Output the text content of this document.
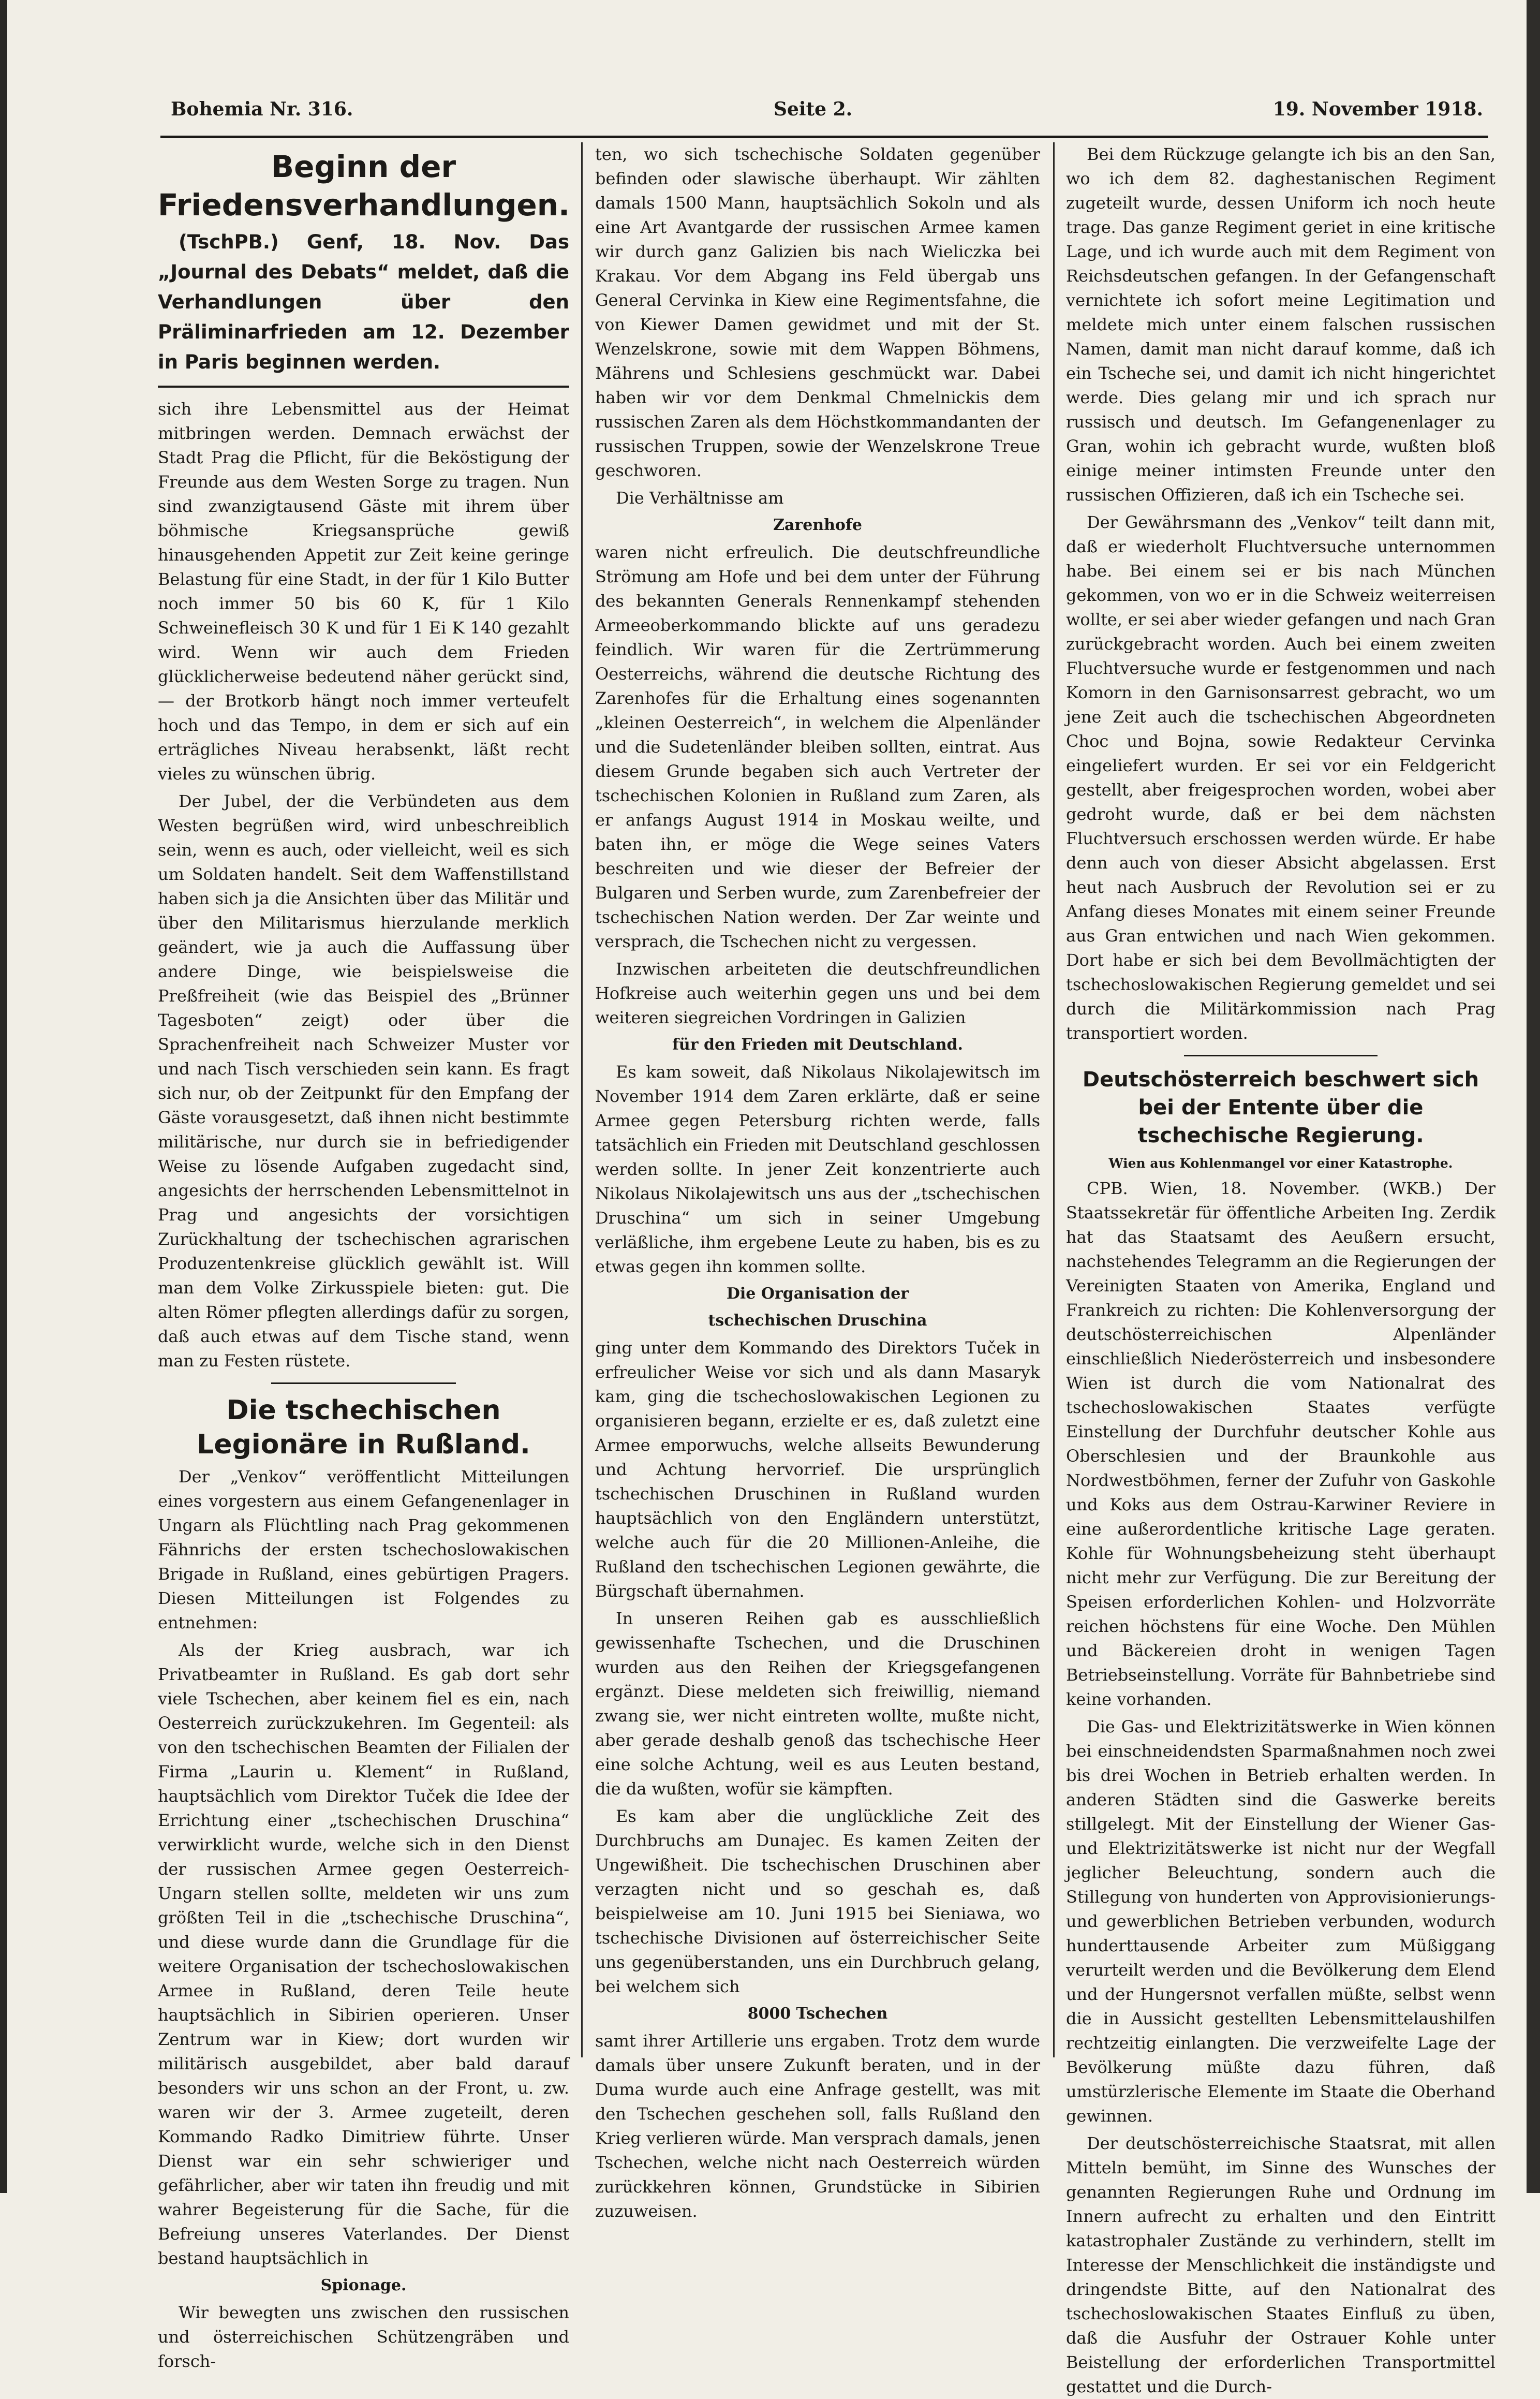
Bohemia Nr. 316.	Seite 2.	19. November 1918.
Beginn der Friedensverhandlungen.

(TschPB.) Genf, 18. Nov. Das „Journal des Debats“ meldet, daß die Verhandlungen über den Präliminarfrieden am 12. Dezember in Paris beginnen werden.

sich ihre Lebensmittel aus der Heimat mitbringen werden. Demnach erwächst der Stadt Prag die Pflicht, für die Beköstigung der Freunde aus dem Westen Sorge zu tragen. Nun sind zwanzigtausend Gäste mit ihrem über böhmische Kriegsansprüche gewiß hinausgehenden Appetit zur Zeit keine geringe Belastung für eine Stadt, in der für 1 Kilo Butter noch immer 50 bis 60 K, für 1 Kilo Schweinefleisch 30 K und für 1 Ei K 140 gezahlt wird. Wenn wir auch dem Frieden glücklicherweise bedeutend näher gerückt sind, — der Brotkorb hängt noch immer verteufelt hoch und das Tempo, in dem er sich auf ein erträgliches Niveau herabsenkt, läßt recht vieles zu wünschen übrig.

Der Jubel, der die Verbündeten aus dem Westen begrüßen wird, wird unbeschreiblich sein, wenn es auch, oder vielleicht, weil es sich um Soldaten handelt. Seit dem Waffenstillstand haben sich ja die Ansichten über das Militär und über den Militarismus hierzulande merklich geändert, wie ja auch die Auffassung über andere Dinge, wie beispielsweise die Preßfreiheit (wie das Beispiel des „Brünner Tagesboten“ zeigt) oder über die Sprachenfreiheit nach Schweizer Muster vor und nach Tisch verschieden sein kann. Es fragt sich nur, ob der Zeitpunkt für den Empfang der Gäste vorausgesetzt, daß ihnen nicht bestimmte militärische, nur durch sie in befriedigender Weise zu lösende Aufgaben zugedacht sind, angesichts der herrschenden Lebensmittelnot in Prag und angesichts der vorsichtigen Zurückhaltung der tschechischen agrarischen Produzentenkreise glücklich gewählt ist. Will man dem Volke Zirkusspiele bieten: gut. Die alten Römer pflegten allerdings dafür zu sorgen, daß auch etwas auf dem Tische stand, wenn man zu Festen rüstete.

Die tschechischen Legionäre in Rußland.

Der „Venkov“ veröffentlicht Mitteilungen eines vorgestern aus einem Gefangenenlager in Ungarn als Flüchtling nach Prag gekommenen Fähnrichs der ersten tschechoslowakischen Brigade in Rußland, eines gebürtigen Pragers. Diesen Mitteilungen ist Folgendes zu entnehmen:

Als der Krieg ausbrach, war ich Privatbeamter in Rußland. Es gab dort sehr viele Tschechen, aber keinem fiel es ein, nach Oesterreich zurückzukehren. Im Gegenteil: als von den tschechischen Beamten der Filialen der Firma „Laurin u. Klement“ in Rußland, hauptsächlich vom Direktor Tuček die Idee der Errichtung einer „tschechischen Druschina“ verwirklicht wurde, welche sich in den Dienst der russischen Armee gegen Oesterreich-Ungarn stellen sollte, meldeten wir uns zum größten Teil in die „tschechische Druschina“, und diese wurde dann die Grundlage für die weitere Organisation der tschechoslowakischen Armee in Rußland, deren Teile heute hauptsächlich in Sibirien operieren. Unser Zentrum war in Kiew; dort wurden wir militärisch ausgebildet, aber bald darauf besonders wir uns schon an der Front, u. zw. waren wir der 3. Armee zugeteilt, deren Kommando Radko Dimitriew führte. Unser Dienst war ein sehr schwieriger und gefährlicher, aber wir taten ihn freudig und mit wahrer Begeisterung für die Sache, für die Befreiung unseres Vaterlandes. Der Dienst bestand hauptsächlich in

Spionage.

Wir bewegten uns zwischen den russischen und österreichischen Schützengräben und forsch-

ten, wo sich tschechische Soldaten gegenüber befinden oder slawische überhaupt. Wir zählten damals 1500 Mann, hauptsächlich Sokoln und als eine Art Avantgarde der russischen Armee kamen wir durch ganz Galizien bis nach Wieliczka bei Krakau. Vor dem Abgang ins Feld übergab uns General Cervinka in Kiew eine Regimentsfahne, die von Kiewer Damen gewidmet und mit der St. Wenzelskrone, sowie mit dem Wappen Böhmens, Mährens und Schlesiens geschmückt war. Dabei haben wir vor dem Denkmal Chmelnickis dem russischen Zaren als dem Höchstkommandanten der russischen Truppen, sowie der Wenzelskrone Treue geschworen.

Die Verhältnisse am

Zarenhofe

waren nicht erfreulich. Die deutschfreundliche Strömung am Hofe und bei dem unter der Führung des bekannten Generals Rennenkampf stehenden Armeeoberkommando blickte auf uns geradezu feindlich. Wir waren für die Zertrümmerung Oesterreichs, während die deutsche Richtung des Zarenhofes für die Erhaltung eines sogenannten „kleinen Oesterreich“, in welchem die Alpenländer und die Sudetenländer bleiben sollten, eintrat. Aus diesem Grunde begaben sich auch Vertreter der tschechischen Kolonien in Rußland zum Zaren, als er anfangs August 1914 in Moskau weilte, und baten ihn, er möge die Wege seines Vaters beschreiten und wie dieser der Befreier der Bulgaren und Serben wurde, zum Zarenbefreier der tschechischen Nation werden. Der Zar weinte und versprach, die Tschechen nicht zu vergessen.

Inzwischen arbeiteten die deutschfreundlichen Hofkreise auch weiterhin gegen uns und bei dem weiteren siegreichen Vordringen in Galizien

für den Frieden mit Deutschland.

Es kam soweit, daß Nikolaus Nikolajewitsch im November 1914 dem Zaren erklärte, daß er seine Armee gegen Petersburg richten werde, falls tatsächlich ein Frieden mit Deutschland geschlossen werden sollte. In jener Zeit konzentrierte auch Nikolaus Nikolajewitsch uns aus der „tschechischen Druschina“ um sich in seiner Umgebung verläßliche, ihm ergebene Leute zu haben, bis es zu etwas gegen ihn kommen sollte.

Die Organisation der
tschechischen Druschina

ging unter dem Kommando des Direktors Tuček in erfreulicher Weise vor sich und als dann Masaryk kam, ging die tschechoslowakischen Legionen zu organisieren begann, erzielte er es, daß zuletzt eine Armee emporwuchs, welche allseits Bewunderung und Achtung hervorrief. Die ursprünglich tschechischen Druschinen in Rußland wurden hauptsächlich von den Engländern unterstützt, welche auch für die 20 Millionen-Anleihe, die Rußland den tschechischen Legionen gewährte, die Bürgschaft übernahmen.

In unseren Reihen gab es ausschließlich gewissenhafte Tschechen, und die Druschinen wurden aus den Reihen der Kriegsgefangenen ergänzt. Diese meldeten sich freiwillig, niemand zwang sie, wer nicht eintreten wollte, mußte nicht, aber gerade deshalb genoß das tschechische Heer eine solche Achtung, weil es aus Leuten bestand, die da wußten, wofür sie kämpften.

Es kam aber die unglückliche Zeit des Durchbruchs am Dunajec. Es kamen Zeiten der Ungewißheit. Die tschechischen Druschinen aber verzagten nicht und so geschah es, daß beispielweise am 10. Juni 1915 bei Sieniawa, wo tschechische Divisionen auf österreichischer Seite uns gegenüberstanden, uns ein Durchbruch gelang, bei welchem sich

8000 Tschechen

samt ihrer Artillerie uns ergaben. Trotz dem wurde damals über unsere Zukunft beraten, und in der Duma wurde auch eine Anfrage gestellt, was mit den Tschechen geschehen soll, falls Rußland den Krieg verlieren würde. Man versprach damals, jenen Tschechen, welche nicht nach Oesterreich würden zurückkehren können, Grundstücke in Sibirien zuzuweisen.

Bei dem Rückzuge gelangte ich bis an den San, wo ich dem 82. daghestanischen Regiment zugeteilt wurde, dessen Uniform ich noch heute trage. Das ganze Regiment geriet in eine kritische Lage, und ich wurde auch mit dem Regiment von Reichsdeutschen gefangen. In der Gefangenschaft vernichtete ich sofort meine Legitimation und meldete mich unter einem falschen russischen Namen, damit man nicht darauf komme, daß ich ein Tscheche sei, und damit ich nicht hingerichtet werde. Dies gelang mir und ich sprach nur russisch und deutsch. Im Gefangenenlager zu Gran, wohin ich gebracht wurde, wußten bloß einige meiner intimsten Freunde unter den russischen Offizieren, daß ich ein Tscheche sei.

Der Gewährsmann des „Venkov“ teilt dann mit, daß er wiederholt Fluchtversuche unternommen habe. Bei einem sei er bis nach München gekommen, von wo er in die Schweiz weiterreisen wollte, er sei aber wieder gefangen und nach Gran zurückgebracht worden. Auch bei einem zweiten Fluchtversuche wurde er festgenommen und nach Komorn in den Garnisonsarrest gebracht, wo um jene Zeit auch die tschechischen Abgeordneten Choc und Bojna, sowie Redakteur Cervinka eingeliefert wurden. Er sei vor ein Feldgericht gestellt, aber freigesprochen worden, wobei aber gedroht wurde, daß er bei dem nächsten Fluchtversuch erschossen werden würde. Er habe denn auch von dieser Absicht abgelassen. Erst heut nach Ausbruch der Revolution sei er zu Anfang dieses Monates mit einem seiner Freunde aus Gran entwichen und nach Wien gekommen. Dort habe er sich bei dem Bevollmächtigten der tschechoslowakischen Regierung gemeldet und sei durch die Militärkommission nach Prag transportiert worden.

Deutschösterreich beschwert sich bei der Entente über die tschechische Regierung.
Wien aus Kohlenmangel vor einer Katastrophe.

CPB. Wien, 18. November. (WKB.) Der Staatssekretär für öffentliche Arbeiten Ing. Zerdik hat das Staatsamt des Aeußern ersucht, nachstehendes Telegramm an die Regierungen der Vereinigten Staaten von Amerika, England und Frankreich zu richten: Die Kohlenversorgung der deutschösterreichischen Alpenländer einschließlich Niederösterreich und insbesondere Wien ist durch die vom Nationalrat des tschechoslowakischen Staates verfügte Einstellung der Durchfuhr deutscher Kohle aus Oberschlesien und der Braunkohle aus Nordwestböhmen, ferner der Zufuhr von Gaskohle und Koks aus dem Ostrau-Karwiner Reviere in eine außerordentliche kritische Lage geraten. Kohle für Wohnungsbeheizung steht überhaupt nicht mehr zur Verfügung. Die zur Bereitung der Speisen erforderlichen Kohlen- und Holzvorräte reichen höchstens für eine Woche. Den Mühlen und Bäckereien droht in wenigen Tagen Betriebseinstellung. Vorräte für Bahnbetriebe sind keine vorhanden.

Die Gas- und Elektrizitätswerke in Wien können bei einschneidendsten Sparmaßnahmen noch zwei bis drei Wochen in Betrieb erhalten werden. In anderen Städten sind die Gaswerke bereits stillgelegt. Mit der Einstellung der Wiener Gas- und Elektrizitätswerke ist nicht nur der Wegfall jeglicher Beleuchtung, sondern auch die Stillegung von hunderten von Approvisionierungs- und gewerblichen Betrieben verbunden, wodurch hunderttausende Arbeiter zum Müßiggang verurteilt werden und die Bevölkerung dem Elend und der Hungersnot verfallen müßte, selbst wenn die in Aussicht gestellten Lebensmittelaushilfen rechtzeitig einlangten. Die verzweifelte Lage der Bevölkerung müßte dazu führen, daß umstürzlerische Elemente im Staate die Oberhand gewinnen.

Der deutschösterreichische Staatsrat, mit allen Mitteln bemüht, im Sinne des Wunsches der genannten Regierungen Ruhe und Ordnung im Innern aufrecht zu erhalten und den Eintritt katastrophaler Zustände zu verhindern, stellt im Interesse der Menschlichkeit die inständigste und dringendste Bitte, auf den Nationalrat des tschechoslowakischen Staates Einfluß zu üben, daß die Ausfuhr der Ostrauer Kohle unter Beistellung der erforderlichen Transportmittel gestattet und die Durch-
